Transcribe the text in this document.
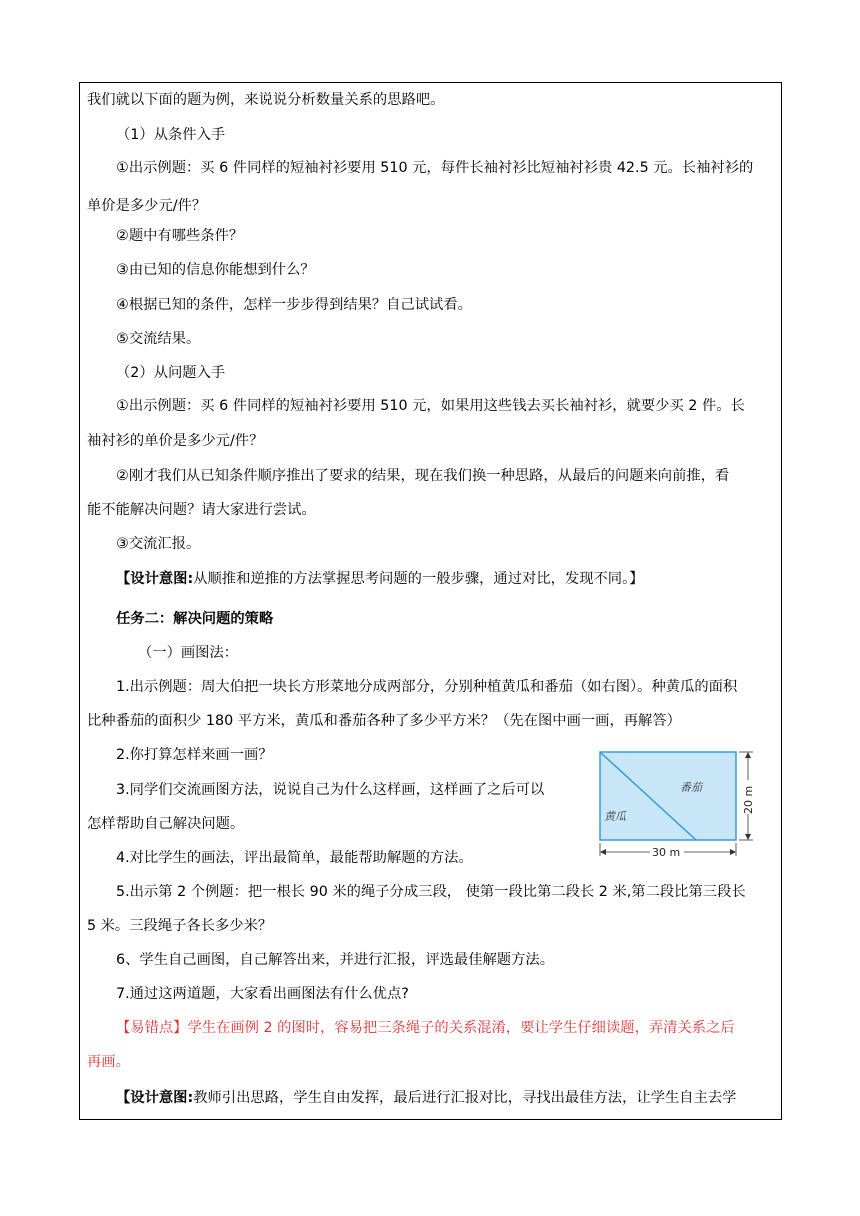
我们就以下面的题为例，来说说分析数量关系的思路吧。
（1）从条件入手
①出示例题：买 6 件同样的短袖衬衫要用 510 元，每件长袖衬衫比短袖衬衫贵 42.5 元。长袖衬衫的
单价是多少元/件？
②题中有哪些条件？
③由已知的信息你能想到什么？
④根据已知的条件，怎样一步步得到结果？自己试试看。
⑤交流结果。
（2）从问题入手
①出示例题：买 6 件同样的短袖衬衫要用 510 元，如果用这些钱去买长袖衬衫，就要少买 2 件。长
袖衬衫的单价是多少元/件？
②刚才我们从已知条件顺序推出了要求的结果，现在我们换一种思路，从最后的问题来向前推，看
能不能解决问题？请大家进行尝试。
③交流汇报。
【设计意图:从顺推和逆推的方法掌握思考问题的一般步骤，通过对比，发现不同。】
任务二：解决问题的策略
（一）画图法：
1.出示例题：周大伯把一块长方形菜地分成两部分，分别种植黄瓜和番茄（如右图）。种黄瓜的面积
比种番茄的面积少 180 平方米，黄瓜和番茄各种了多少平方米？（先在图中画一画，再解答）
2.你打算怎样来画一画？
3.同学们交流画图方法，说说自己为什么这样画，这样画了之后可以
怎样帮助自己解决问题。
4.对比学生的画法，评出最简单，最能帮助解题的方法。
5.出示第 2 个例题：把一根长 90 米的绳子分成三段， 使第一段比第二段长 2 米,第二段比第三段长
5 米。三段绳子各长多少米？
6、学生自己画图，自己解答出来，并进行汇报，评选最佳解题方法。
7.通过这两道题，大家看出画图法有什么优点?
【易错点】学生在画例 2 的图时，容易把三条绳子的关系混淆，要让学生仔细读题，弄清关系之后
再画。
【设计意图:教师引出思路，学生自由发挥，最后进行汇报对比，寻找出最佳方法，让学生自主去学
番茄
黄瓜
30 m
20 m
